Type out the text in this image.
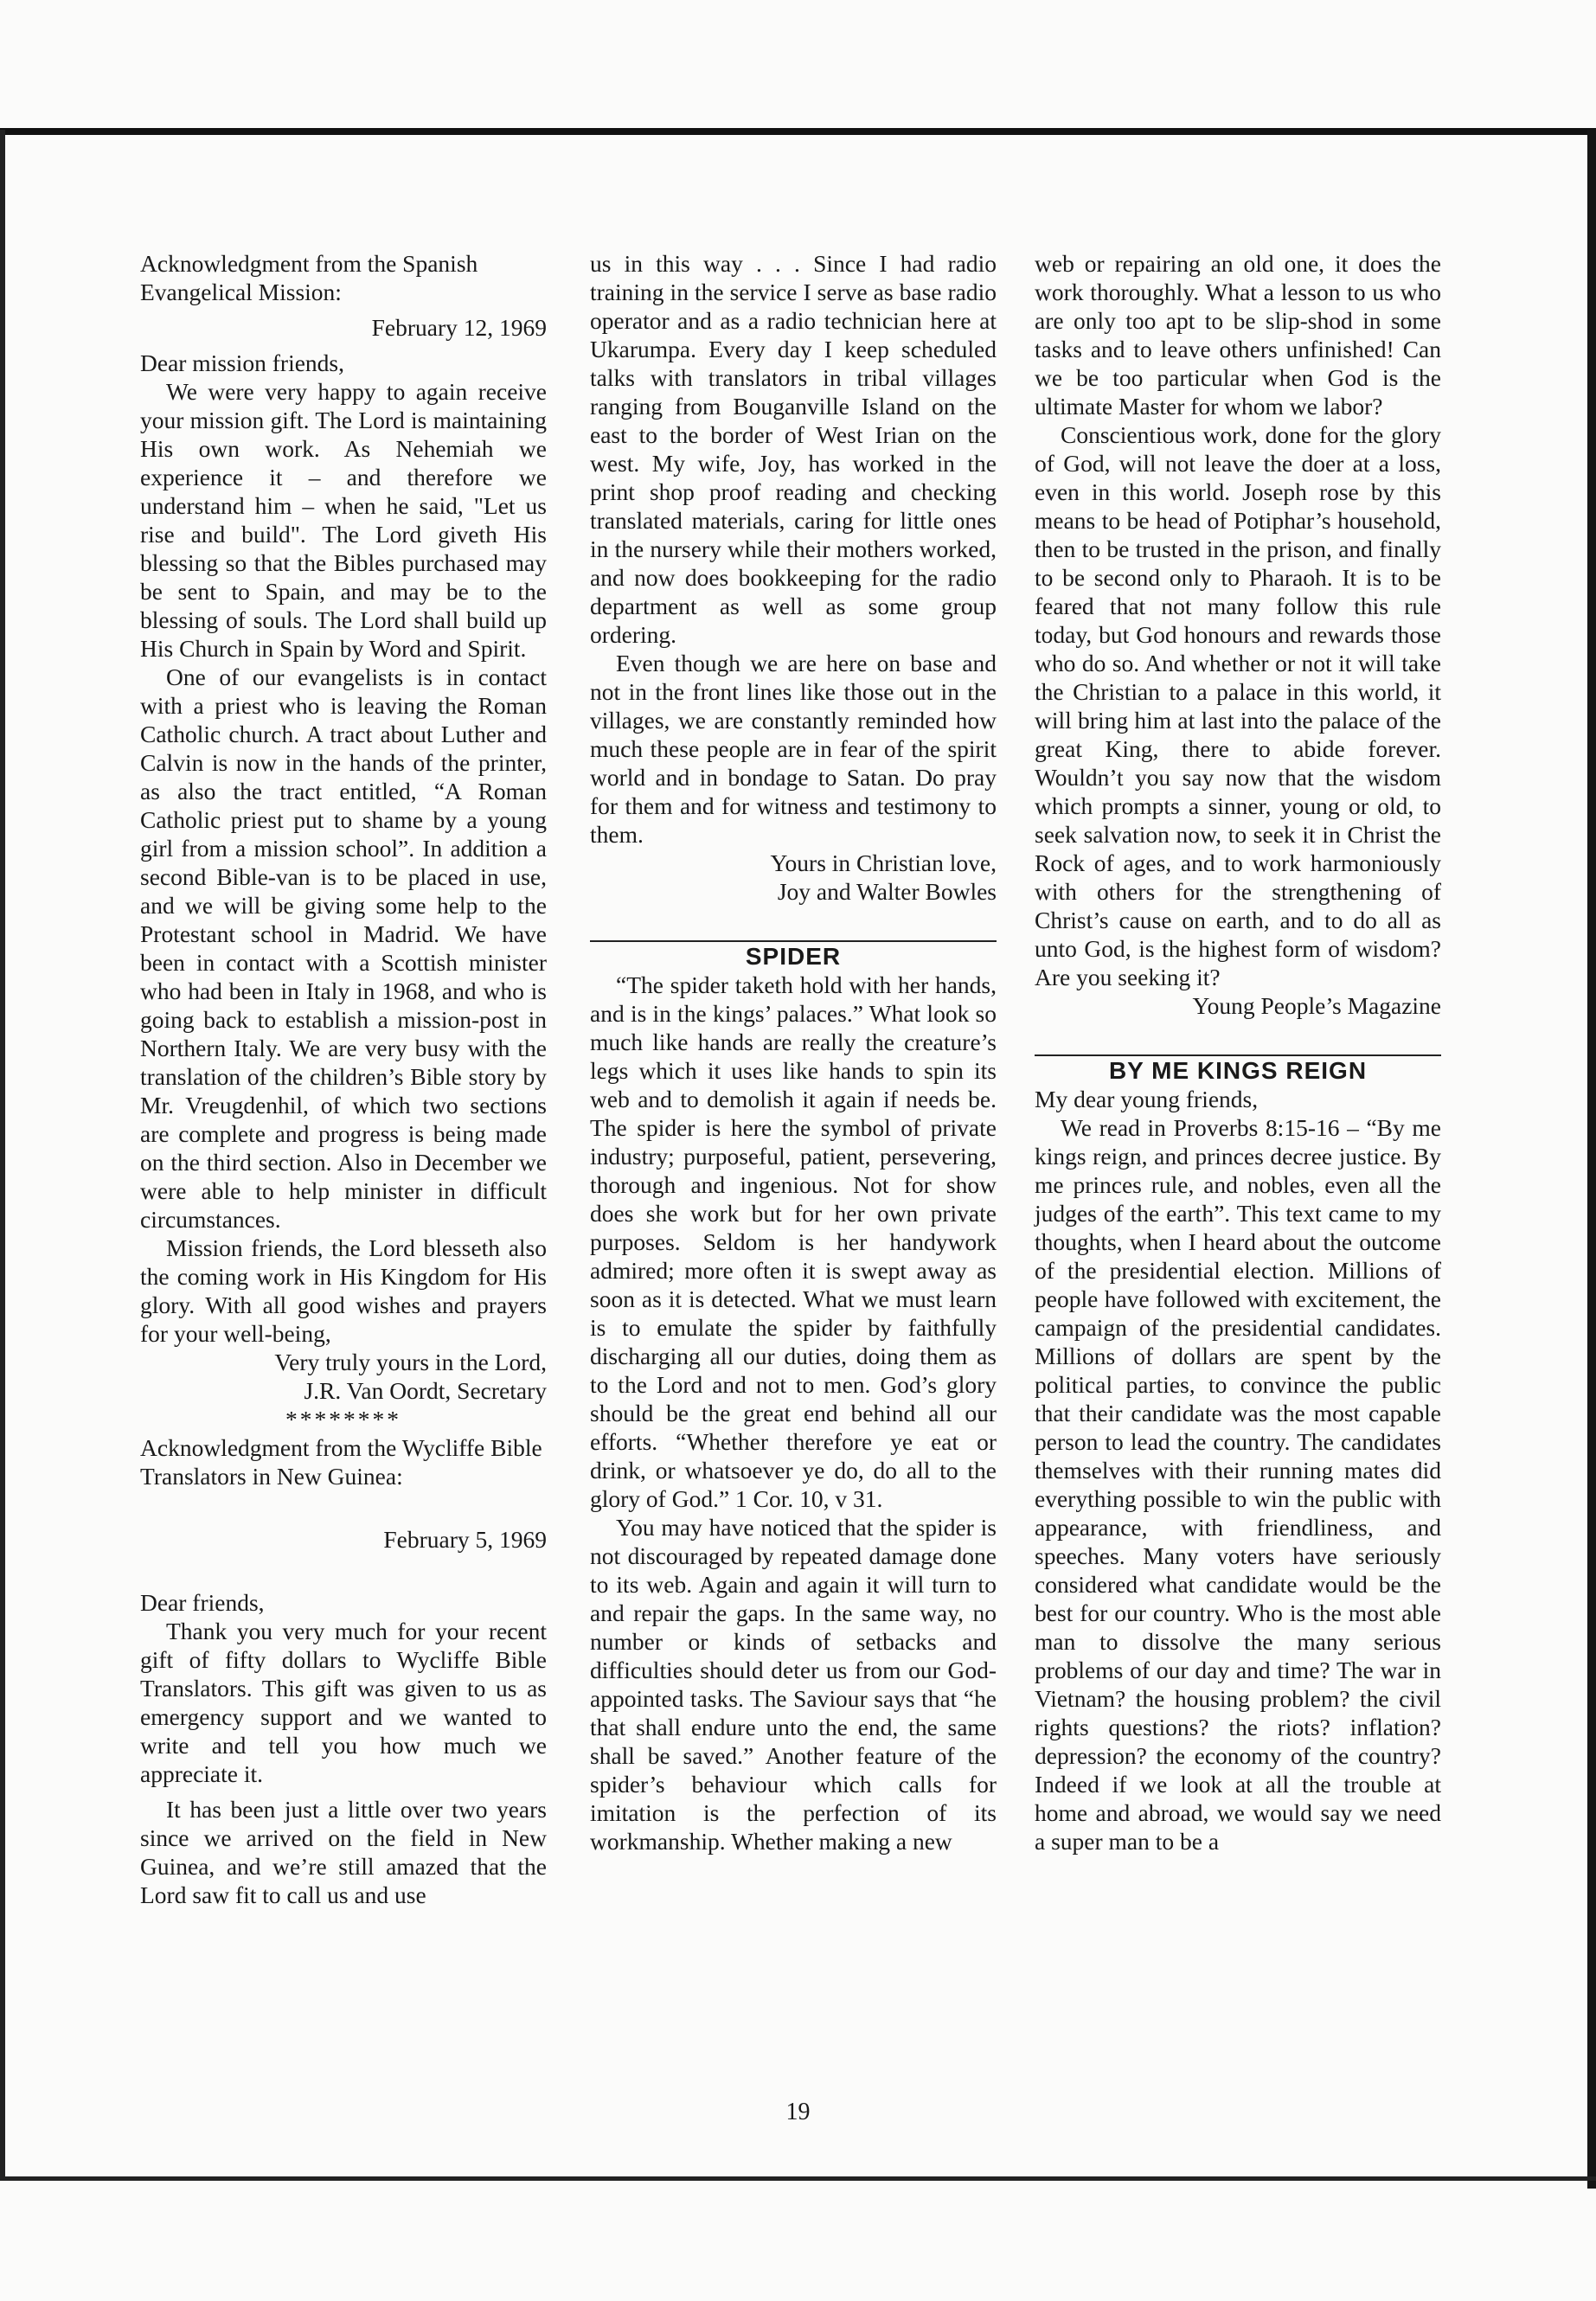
Acknowledgment from the Spanish Evangelical Mission:

February 12, 1969

Dear mission friends,

We were very happy to again receive your mission gift. The Lord is maintaining His own work. As Nehemiah we experience it – and therefore we understand him – when he said, "Let us rise and build". The Lord giveth His blessing so that the Bibles purchased may be sent to Spain, and may be to the blessing of souls. The Lord shall build up His Church in Spain by Word and Spirit.

One of our evangelists is in contact with a priest who is leaving the Roman Catholic church. A tract about Luther and Calvin is now in the hands of the printer, as also the tract entitled, “A Roman Catholic priest put to shame by a young girl from a mission school”. In addition a second Bible-van is to be placed in use, and we will be giving some help to the Protestant school in Madrid. We have been in contact with a Scottish minister who had been in Italy in 1968, and who is going back to establish a mission-post in Northern Italy. We are very busy with the translation of the children’s Bible story by Mr. Vreugdenhil, of which two sections are complete and progress is being made on the third section. Also in December we were able to help minister in difficult circumstances.

Mission friends, the Lord blesseth also the coming work in His Kingdom for His glory. With all good wishes and prayers for your well-being,

Very truly yours in the Lord,

J.R. Van Oordt, Secretary

********

Acknowledgment from the Wycliffe Bible Translators in New Guinea:

February 5, 1969

Dear friends,

Thank you very much for your recent gift of fifty dollars to Wycliffe Bible Translators. This gift was given to us as emergency support and we wanted to write and tell you how much we appreciate it.

It has been just a little over two years since we arrived on the field in New Guinea, and we’re still amazed that the Lord saw fit to call us and use

us in this way . . . Since I had radio training in the service I serve as base radio operator and as a radio technician here at Ukarumpa. Every day I keep scheduled talks with translators in tribal villages ranging from Bouganville Island on the east to the border of West Irian on the west. My wife, Joy, has worked in the print shop proof reading and checking translated materials, caring for little ones in the nursery while their mothers worked, and now does bookkeeping for the radio department as well as some group ordering.

Even though we are here on base and not in the front lines like those out in the villages, we are constantly reminded how much these people are in fear of the spirit world and in bondage to Satan. Do pray for them and for witness and testimony to them.

Yours in Christian love,

Joy and Walter Bowles

SPIDER

“The spider taketh hold with her hands, and is in the kings’ palaces.” What look so much like hands are really the creature’s legs which it uses like hands to spin its web and to demolish it again if needs be. The spider is here the symbol of private industry; purposeful, patient, persevering, thorough and ingenious. Not for show does she work but for her own private purposes. Seldom is her handywork admired; more often it is swept away as soon as it is detected. What we must learn is to emulate the spider by faithfully discharging all our duties, doing them as to the Lord and not to men. God’s glory should be the great end behind all our efforts. “Whether therefore ye eat or drink, or whatsoever ye do, do all to the glory of God.” 1 Cor. 10, v 31.

You may have noticed that the spider is not discouraged by repeated damage done to its web. Again and again it will turn to and repair the gaps. In the same way, no number or kinds of setbacks and difficulties should deter us from our God-appointed tasks. The Saviour says that “he that shall endure unto the end, the same shall be saved.” Another feature of the spider’s behaviour which calls for imitation is the perfection of its workmanship. Whether making a new

web or repairing an old one, it does the work thoroughly. What a lesson to us who are only too apt to be slip-shod in some tasks and to leave others unfinished! Can we be too particular when God is the ultimate Master for whom we labor?

Conscientious work, done for the glory of God, will not leave the doer at a loss, even in this world. Joseph rose by this means to be head of Potiphar’s household, then to be trusted in the prison, and finally to be second only to Pharaoh. It is to be feared that not many follow this rule today, but God honours and rewards those who do so. And whether or not it will take the Christian to a palace in this world, it will bring him at last into the palace of the great King, there to abide forever. Wouldn’t you say now that the wisdom which prompts a sinner, young or old, to seek salvation now, to seek it in Christ the Rock of ages, and to work harmoniously with others for the strengthening of Christ’s cause on earth, and to do all as unto God, is the highest form of wisdom? Are you seeking it?

Young People’s Magazine

BY ME KINGS REIGN

My dear young friends,

We read in Proverbs 8:15-16 – “By me kings reign, and princes decree justice. By me princes rule, and nobles, even all the judges of the earth”. This text came to my thoughts, when I heard about the outcome of the presidential election. Millions of people have followed with excitement, the campaign of the presidential candidates. Millions of dollars are spent by the political parties, to convince the public that their candidate was the most capable person to lead the country. The candidates themselves with their running mates did everything possible to win the public with appearance, with friendliness, and speeches. Many voters have seriously considered what candidate would be the best for our country. Who is the most able man to dissolve the many serious problems of our day and time? The war in Vietnam? the housing problem? the civil rights questions? the riots? inflation? depression? the economy of the country? Indeed if we look at all the trouble at home and abroad, we would say we need a super man to be a

19
